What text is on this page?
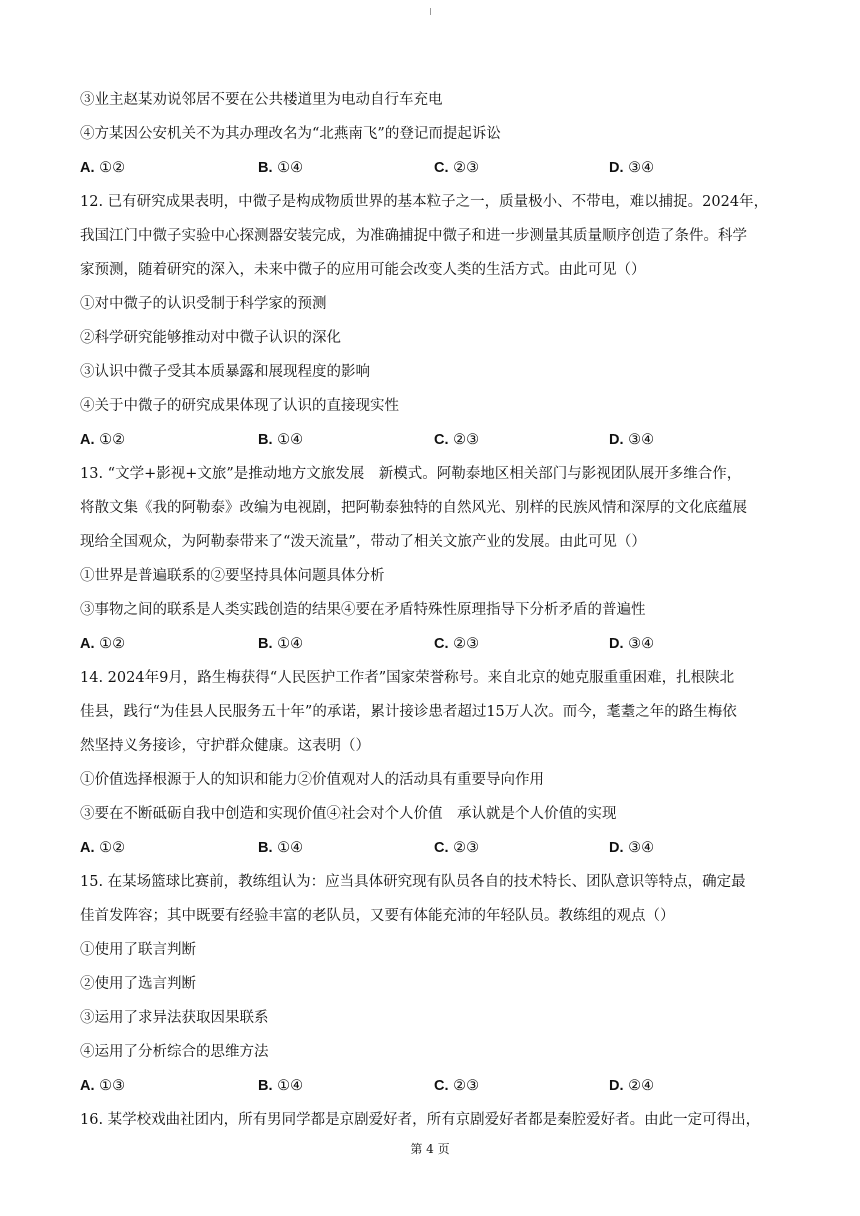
③业主赵某劝说邻居不要在公共楼道里为电动自行车充电
④方某因公安机关不为其办理改名为“北燕南飞”的登记而提起诉讼
A. ①②	B. ①④	C. ②③	D. ③④
12. 已有研究成果表明，中微子是构成物质世界的基本粒子之一，质量极小、不带电，难以捕捉。2024年，
我国江门中微子实验中心探测器安装完成，为准确捕捉中微子和进一步测量其质量顺序创造了条件。科学
家预测，随着研究的深入，未来中微子的应用可能会改变人类的生活方式。由此可见（）
①对中微子的认识受制于科学家的预测
②科学研究能够推动对中微子认识的深化
③认识中微子受其本质暴露和展现程度的影响
④关于中微子的研究成果体现了认识的直接现实性
A. ①②	B. ①④	C. ②③	D. ③④
13. “文学+影视+文旅”是推动地方文旅发展　新模式。阿勒泰地区相关部门与影视团队展开多维合作，
将散文集《我的阿勒泰》改编为电视剧，把阿勒泰独特的自然风光、别样的民族风情和深厚的文化底蕴展
现给全国观众，为阿勒泰带来了“泼天流量”，带动了相关文旅产业的发展。由此可见（）
①世界是普遍联系的②要坚持具体问题具体分析
③事物之间的联系是人类实践创造的结果④要在矛盾特殊性原理指导下分析矛盾的普遍性
A. ①②	B. ①④	C. ②③	D. ③④
14. 2024年9月，路生梅获得“人民医护工作者”国家荣誉称号。来自北京的她克服重重困难，扎根陕北
佳县，践行“为佳县人民服务五十年”的承诺，累计接诊患者超过15万人次。而今，耄耋之年的路生梅依
然坚持义务接诊，守护群众健康。这表明（）
①价值选择根源于人的知识和能力②价值观对人的活动具有重要导向作用
③要在不断砥砺自我中创造和实现价值④社会对个人价值　承认就是个人价值的实现
A. ①②	B. ①④	C. ②③	D. ③④
15. 在某场篮球比赛前，教练组认为：应当具体研究现有队员各自的技术特长、团队意识等特点，确定最
佳首发阵容；其中既要有经验丰富的老队员，又要有体能充沛的年轻队员。教练组的观点（）
①使用了联言判断
②使用了选言判断
③运用了求异法获取因果联系
④运用了分析综合的思维方法
A. ①③	B. ①④	C. ②③	D. ②④
16. 某学校戏曲社团内，所有男同学都是京剧爱好者，所有京剧爱好者都是秦腔爱好者。由此一定可得出，
第 4 页
